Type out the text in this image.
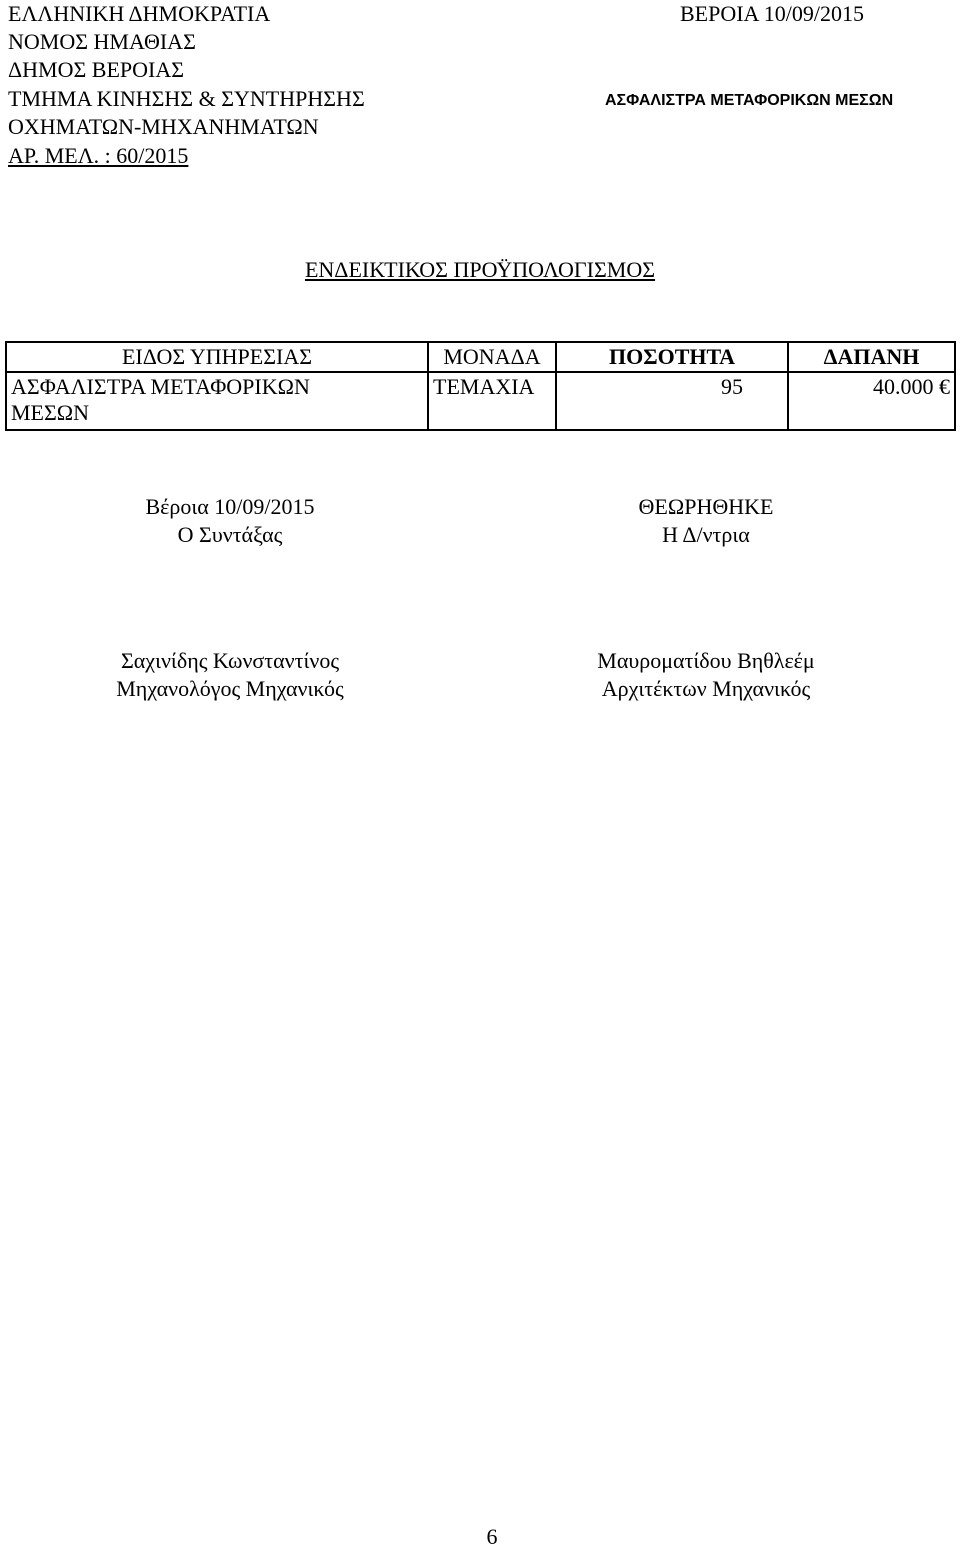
ΕΛΛΗΝΙΚΗ ΔΗΜΟΚΡΑΤΙΑ
ΝΟΜΟΣ ΗΜΑΘΙΑΣ
ΔΗΜΟΣ ΒΕΡΟΙΑΣ
ΤΜΗΜΑ ΚΙΝΗΣΗΣ & ΣΥΝΤΗΡΗΣΗΣ
ΟΧΗΜΑΤΩΝ-ΜΗΧΑΝΗΜΑΤΩΝ
ΑΡ. ΜΕΛ. : 60/2015
ΒΕΡΟΙΑ 10/09/2015
ΑΣΦΑΛΙΣΤΡΑ ΜΕΤΑΦΟΡΙΚΩΝ ΜΕΣΩΝ
ΕΝΔΕΙΚΤΙΚΟΣ ΠΡΟΫΠΟΛΟΓΙΣΜΟΣ
ΕΙΔΟΣ ΥΠΗΡΕΣΙΑΣ	ΜΟΝΑΔΑ	ΠΟΣΟΤΗΤΑ	ΔΑΠΑΝΗ

ΑΣΦΑΛΙΣΤΡΑ ΜΕΤΑΦΟΡΙΚΩΝ ΜΕΣΩΝ	ΤΕΜΑΧΙΑ	95	40.000 €
Βέροια 10/09/2015
Ο Συντάξας
ΘΕΩΡΗΘΗΚΕ
Η Δ/ντρια
Σαχινίδης Κωνσταντίνος
Μηχανολόγος Μηχανικός
Μαυροματίδου Βηθλεέμ
Αρχιτέκτων Μηχανικός
6
